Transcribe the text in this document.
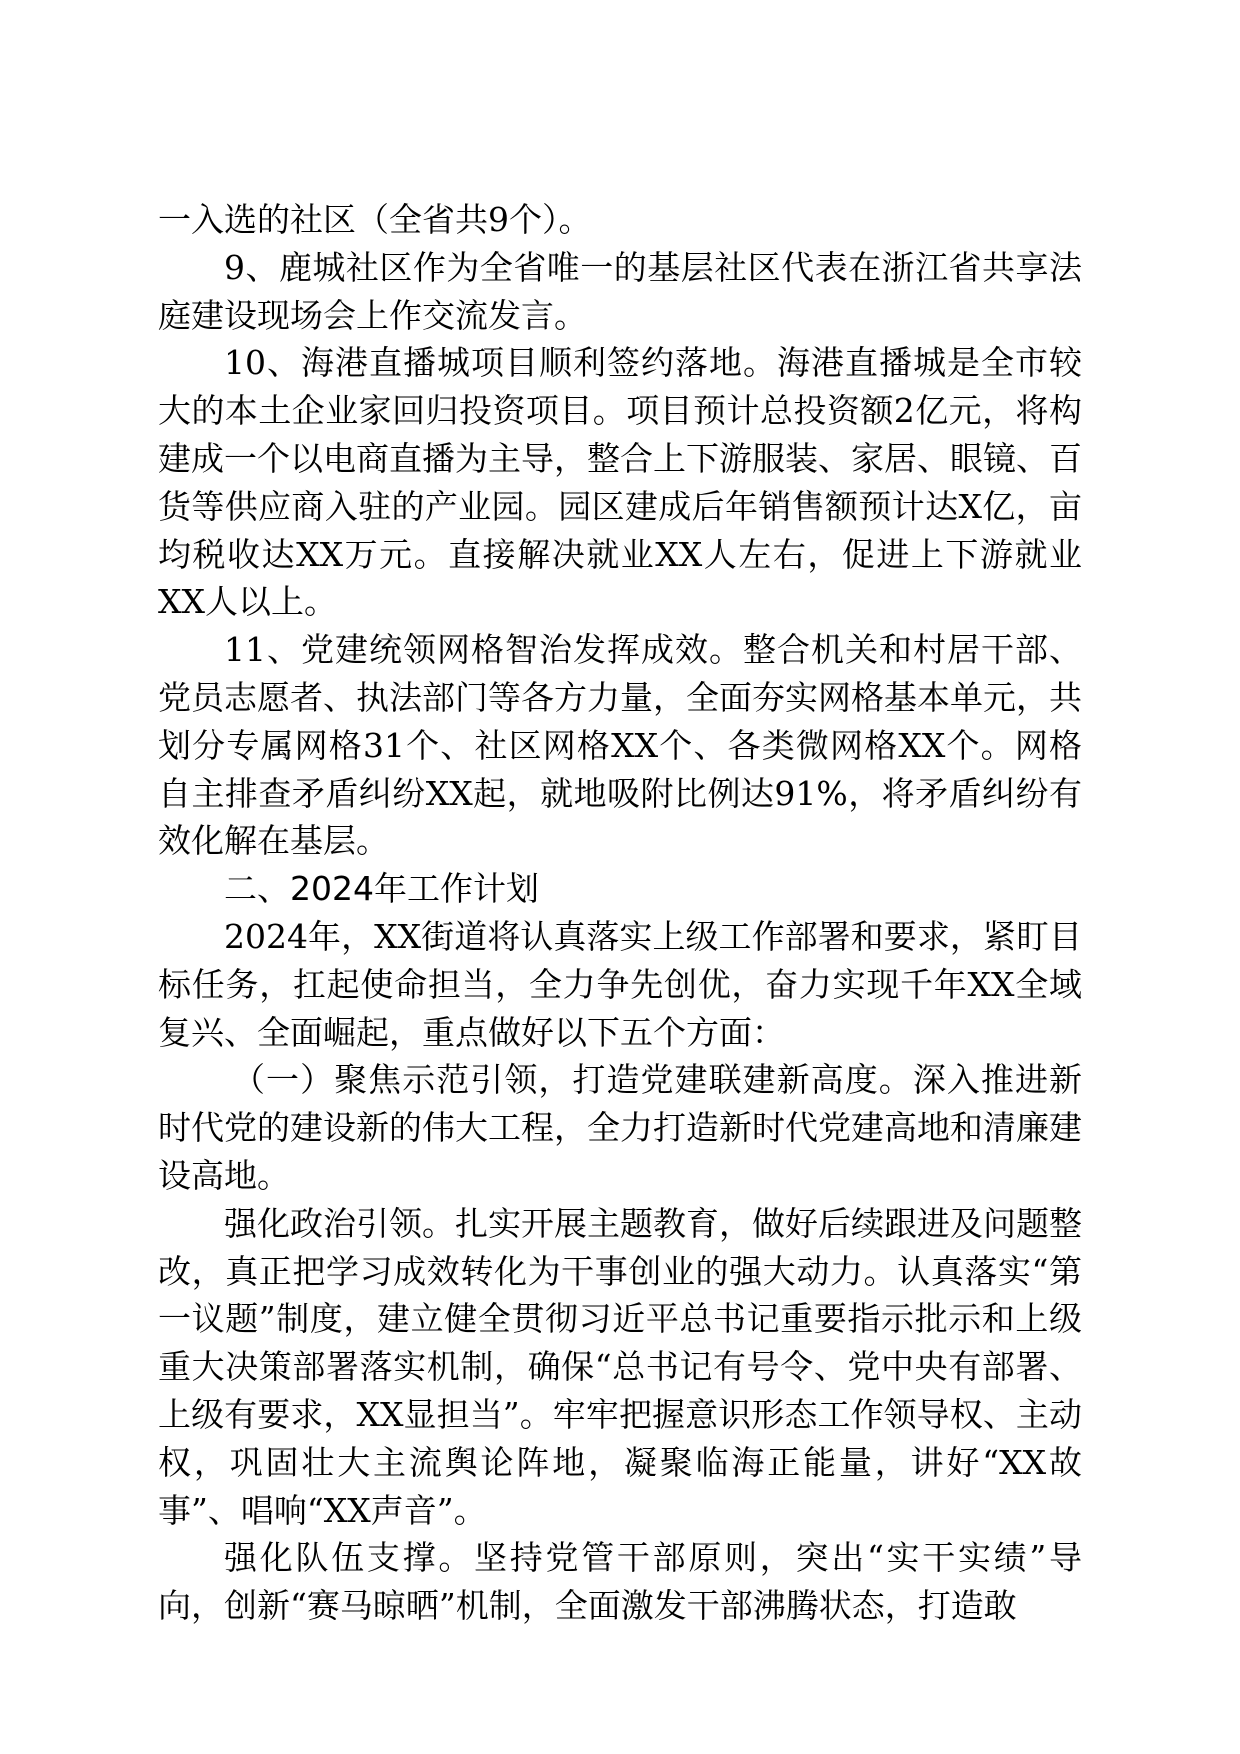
一入选的社区（全省共9个）。

9、鹿城社区作为全省唯一的基层社区代表在浙江省共享法庭建设现场会上作交流发言。

10、海港直播城项目顺利签约落地。海港直播城是全市较大的本土企业家回归投资项目。项目预计总投资额2亿元，将构建成一个以电商直播为主导，整合上下游服装、家居、眼镜、百货等供应商入驻的产业园。园区建成后年销售额预计达X亿，亩均税收达XX万元。直接解决就业XX人左右，促进上下游就业XX人以上。

11、党建统领网格智治发挥成效。整合机关和村居干部、党员志愿者、执法部门等各方力量，全面夯实网格基本单元，共划分专属网格31个、社区网格XX个、各类微网格XX个。网格自主排查矛盾纠纷XX起，就地吸附比例达91%，将矛盾纠纷有效化解在基层。

二、2024年工作计划

2024年，XX街道将认真落实上级工作部署和要求，紧盯目标任务，扛起使命担当，全力争先创优，奋力实现千年XX全域复兴、全面崛起，重点做好以下五个方面：

（一）聚焦示范引领，打造党建联建新高度。深入推进新时代党的建设新的伟大工程，全力打造新时代党建高地和清廉建设高地。

强化政治引领。扎实开展主题教育，做好后续跟进及问题整改，真正把学习成效转化为干事创业的强大动力。认真落实“第一议题”制度，建立健全贯彻习近平总书记重要指示批示和上级重大决策部署落实机制，确保“总书记有号令、党中央有部署、上级有要求，XX显担当”。牢牢把握意识形态工作领导权、主动权，巩固壮大主流舆论阵地，凝聚临海正能量，讲好“XX故事”、唱响“XX声音”。

强化队伍支撑。坚持党管干部原则，突出“实干实绩”导向，创新“赛马晾晒”机制，全面激发干部沸腾状态，打造敢
